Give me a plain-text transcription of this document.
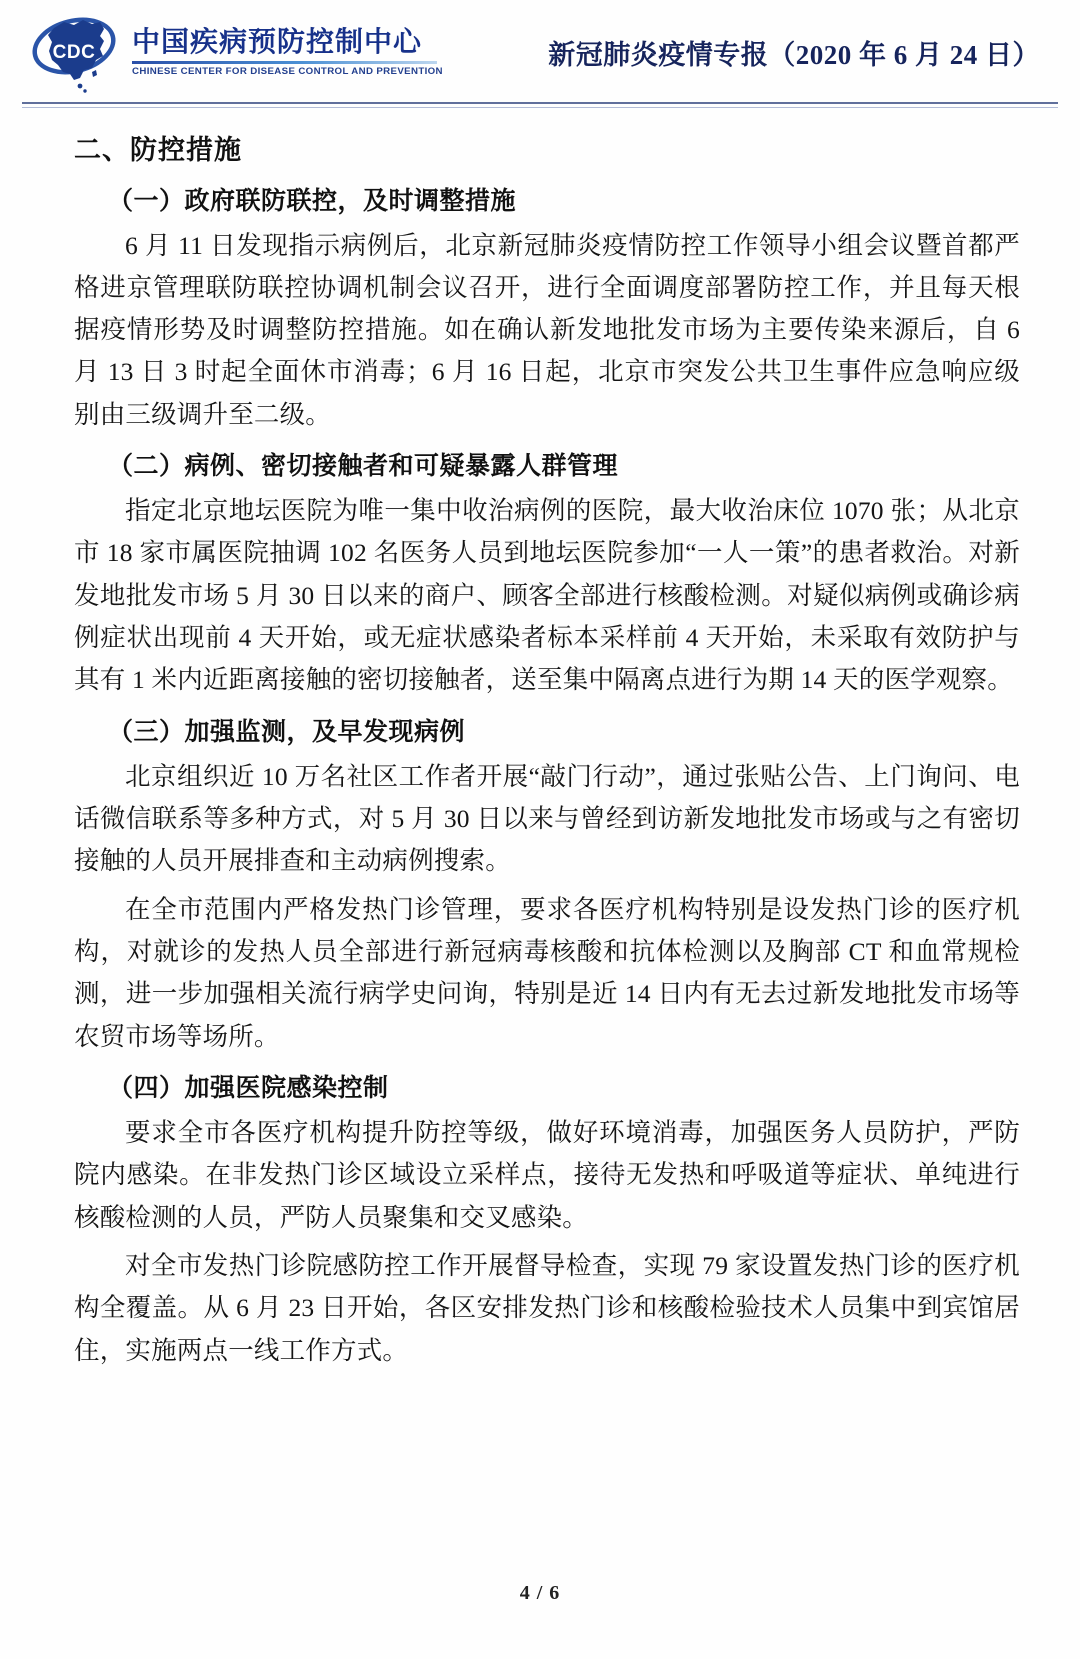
CDC 中国疾病预防控制中心
CHINESE CENTER FOR DISEASE CONTROL AND PREVENTION
新冠肺炎疫情专报（2020 年 6 月 24 日）
二、防控措施
（一）政府联防联控，及时调整措施

6 月 11 日发现指示病例后，北京新冠肺炎疫情防控工作领导小组会议暨首都严格进京管理联防联控协调机制会议召开，进行全面调度部署防控工作，并且每天根据疫情形势及时调整防控措施。如在确认新发地批发市场为主要传染来源后，自 6 月 13 日 3 时起全面休市消毒；6 月 16 日起，北京市突发公共卫生事件应急响应级别由三级调升至二级。

（二）病例、密切接触者和可疑暴露人群管理

指定北京地坛医院为唯一集中收治病例的医院，最大收治床位 1070 张；从北京市 18 家市属医院抽调 102 名医务人员到地坛医院参加“一人一策”的患者救治。对新发地批发市场 5 月 30 日以来的商户、顾客全部进行核酸检测。对疑似病例或确诊病例症状出现前 4 天开始，或无症状感染者标本采样前 4 天开始，未采取有效防护与其有 1 米内近距离接触的密切接触者，送至集中隔离点进行为期 14 天的医学观察。

（三）加强监测，及早发现病例

北京组织近 10 万名社区工作者开展“敲门行动”，通过张贴公告、上门询问、电话微信联系等多种方式，对 5 月 30 日以来与曾经到访新发地批发市场或与之有密切接触的人员开展排查和主动病例搜索。

在全市范围内严格发热门诊管理，要求各医疗机构特别是设发热门诊的医疗机构，对就诊的发热人员全部进行新冠病毒核酸和抗体检测以及胸部 CT 和血常规检测，进一步加强相关流行病学史问询，特别是近 14 日内有无去过新发地批发市场等农贸市场等场所。

（四）加强医院感染控制

要求全市各医疗机构提升防控等级，做好环境消毒，加强医务人员防护，严防院内感染。在非发热门诊区域设立采样点，接待无发热和呼吸道等症状、单纯进行核酸检测的人员，严防人员聚集和交叉感染。

对全市发热门诊院感防控工作开展督导检查，实现 79 家设置发热门诊的医疗机构全覆盖。从 6 月 23 日开始，各区安排发热门诊和核酸检验技术人员集中到宾馆居住，实施两点一线工作方式。

4 / 6
